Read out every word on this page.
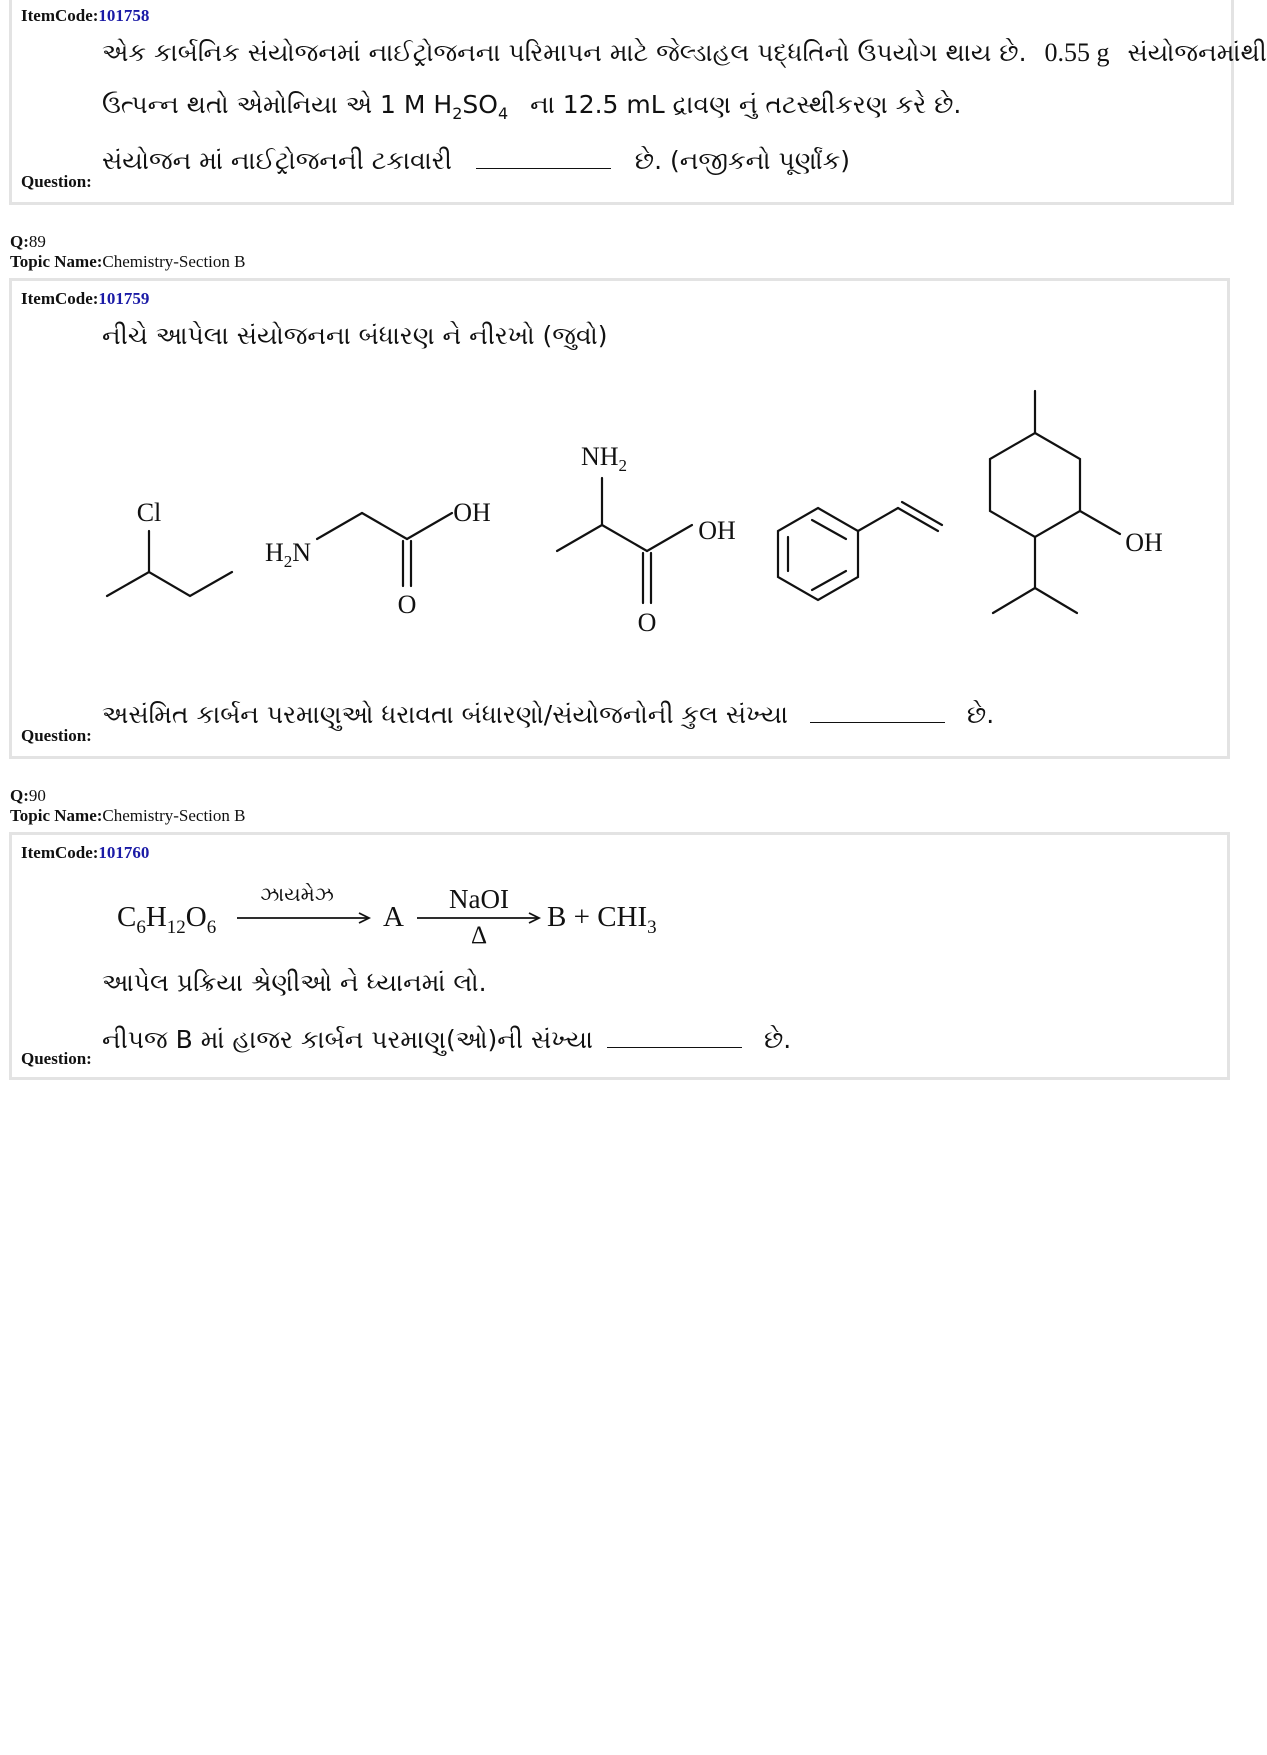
ItemCode:101758
એક કાર્બનિક સંયોજનમાં નાઈટ્રોજનના પરિમાપન માટે જેલ્ડાહલ પદ્ધતિનો ઉપયોગ થાય છે. 0.55 g સંયોજનમાંથી
ઉત્પન્ન થતો એમોનિયા એ 1 M $H_2SO_4$ ના 12.5 mL દ્રાવણ નું તટસ્થીકરણ કરે છે.
સંયોજન માં નાઈટ્રોજનની ટકાવારી	છે. (નજીકનો પૂર્ણાંક)
Question:
Q:89
Topic Name:Chemistry-Section B
ItemCode:101759
નીચે આપેલા સંયોજનના બંધારણ ને નીરખો (જુવો)
Cl
$H_2N$
OH
O
$NH_2$
OH
O
OH
અસંમિત કાર્બન પરમાણુઓ ધરાવતા બંધારણો/સંયોજનોની કુલ સંખ્યા	છે.
Question:
Q:90
Topic Name:Chemistry-Section B
ItemCode:101760
$C_6H_{12}O_6$
ઝાયમેઝ
A
NaOI
Δ
$B + CHI_3$
આપેલ પ્રક્રિયા શ્રેણીઓ ને ધ્યાનમાં લો.
નીપજ B માં હાજર કાર્બન પરમાણુ(ઓ)ની સંખ્યા	છે.
Question:
